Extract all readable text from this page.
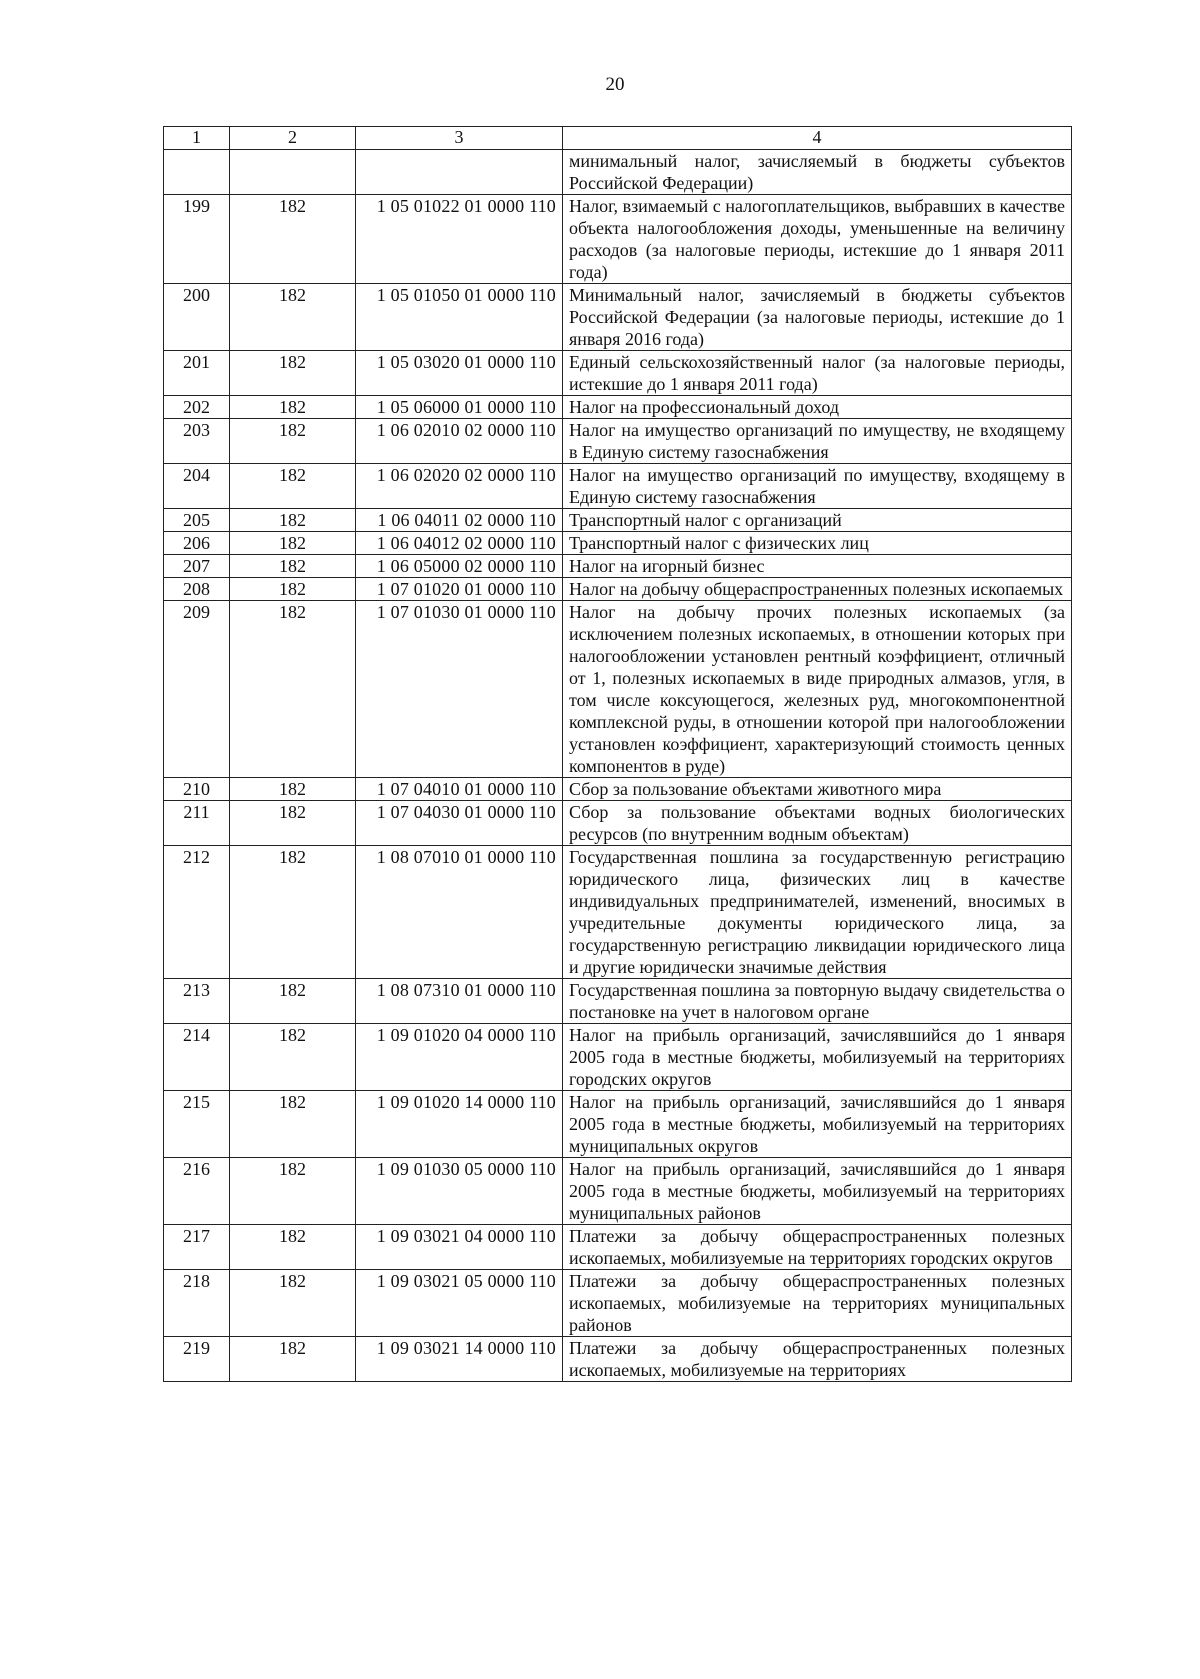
20
1	2	3	4
			минимальный налог, зачисляемый в бюджеты субъектов Российской Федерации)
199	182	1 05 01022 01 0000 110	Налог, взимаемый с налогоплательщиков, выбравших в качестве объекта налогообложения доходы, уменьшенные на величину расходов (за налоговые периоды, истекшие до 1 января 2011 года)
200	182	1 05 01050 01 0000 110	Минимальный налог, зачисляемый в бюджеты субъектов Российской Федерации (за налоговые периоды, истекшие до 1 января 2016 года)
201	182	1 05 03020 01 0000 110	Единый сельскохозяйственный налог (за налоговые периоды, истекшие до 1 января 2011 года)
202	182	1 05 06000 01 0000 110	Налог на профессиональный доход
203	182	1 06 02010 02 0000 110	Налог на имущество организаций по имуществу, не входящему в Единую систему газоснабжения
204	182	1 06 02020 02 0000 110	Налог на имущество организаций по имуществу, входящему в Единую систему газоснабжения
205	182	1 06 04011 02 0000 110	Транспортный налог с организаций
206	182	1 06 04012 02 0000 110	Транспортный налог с физических лиц
207	182	1 06 05000 02 0000 110	Налог на игорный бизнес
208	182	1 07 01020 01 0000 110	Налог на добычу общераспространенных полезных ископаемых
209	182	1 07 01030 01 0000 110	Налог на добычу прочих полезных ископаемых (за исключением полезных ископаемых, в отношении которых при налогообложении установлен рентный коэффициент, отличный от 1, полезных ископаемых в виде природных алмазов, угля, в том числе коксующегося, железных руд, многокомпонентной комплексной руды, в отношении которой при налогообложении установлен коэффициент, характеризующий стоимость ценных компонентов в руде)
210	182	1 07 04010 01 0000 110	Сбор за пользование объектами животного мира
211	182	1 07 04030 01 0000 110	Сбор за пользование объектами водных биологических ресурсов (по внутренним водным объектам)
212	182	1 08 07010 01 0000 110	Государственная пошлина за государственную регистрацию юридического лица, физических лиц в качестве индивидуальных предпринимателей, изменений, вносимых в учредительные документы юридического лица, за государственную регистрацию ликвидации юридического лица и другие юридически значимые действия
213	182	1 08 07310 01 0000 110	Государственная пошлина за повторную выдачу свидетельства о постановке на учет в налоговом органе
214	182	1 09 01020 04 0000 110	Налог на прибыль организаций, зачислявшийся до 1 января 2005 года в местные бюджеты, мобилизуемый на территориях городских округов
215	182	1 09 01020 14 0000 110	Налог на прибыль организаций, зачислявшийся до 1 января 2005 года в местные бюджеты, мобилизуемый на территориях муниципальных округов
216	182	1 09 01030 05 0000 110	Налог на прибыль организаций, зачислявшийся до 1 января 2005 года в местные бюджеты, мобилизуемый на территориях муниципальных районов
217	182	1 09 03021 04 0000 110	Платежи за добычу общераспространенных полезных ископаемых, мобилизуемые на территориях городских округов
218	182	1 09 03021 05 0000 110	Платежи за добычу общераспространенных полезных ископаемых, мобилизуемые на территориях муниципальных районов
219	182	1 09 03021 14 0000 110	Платежи за добычу общераспространенных полезных ископаемых, мобилизуемые на территориях
